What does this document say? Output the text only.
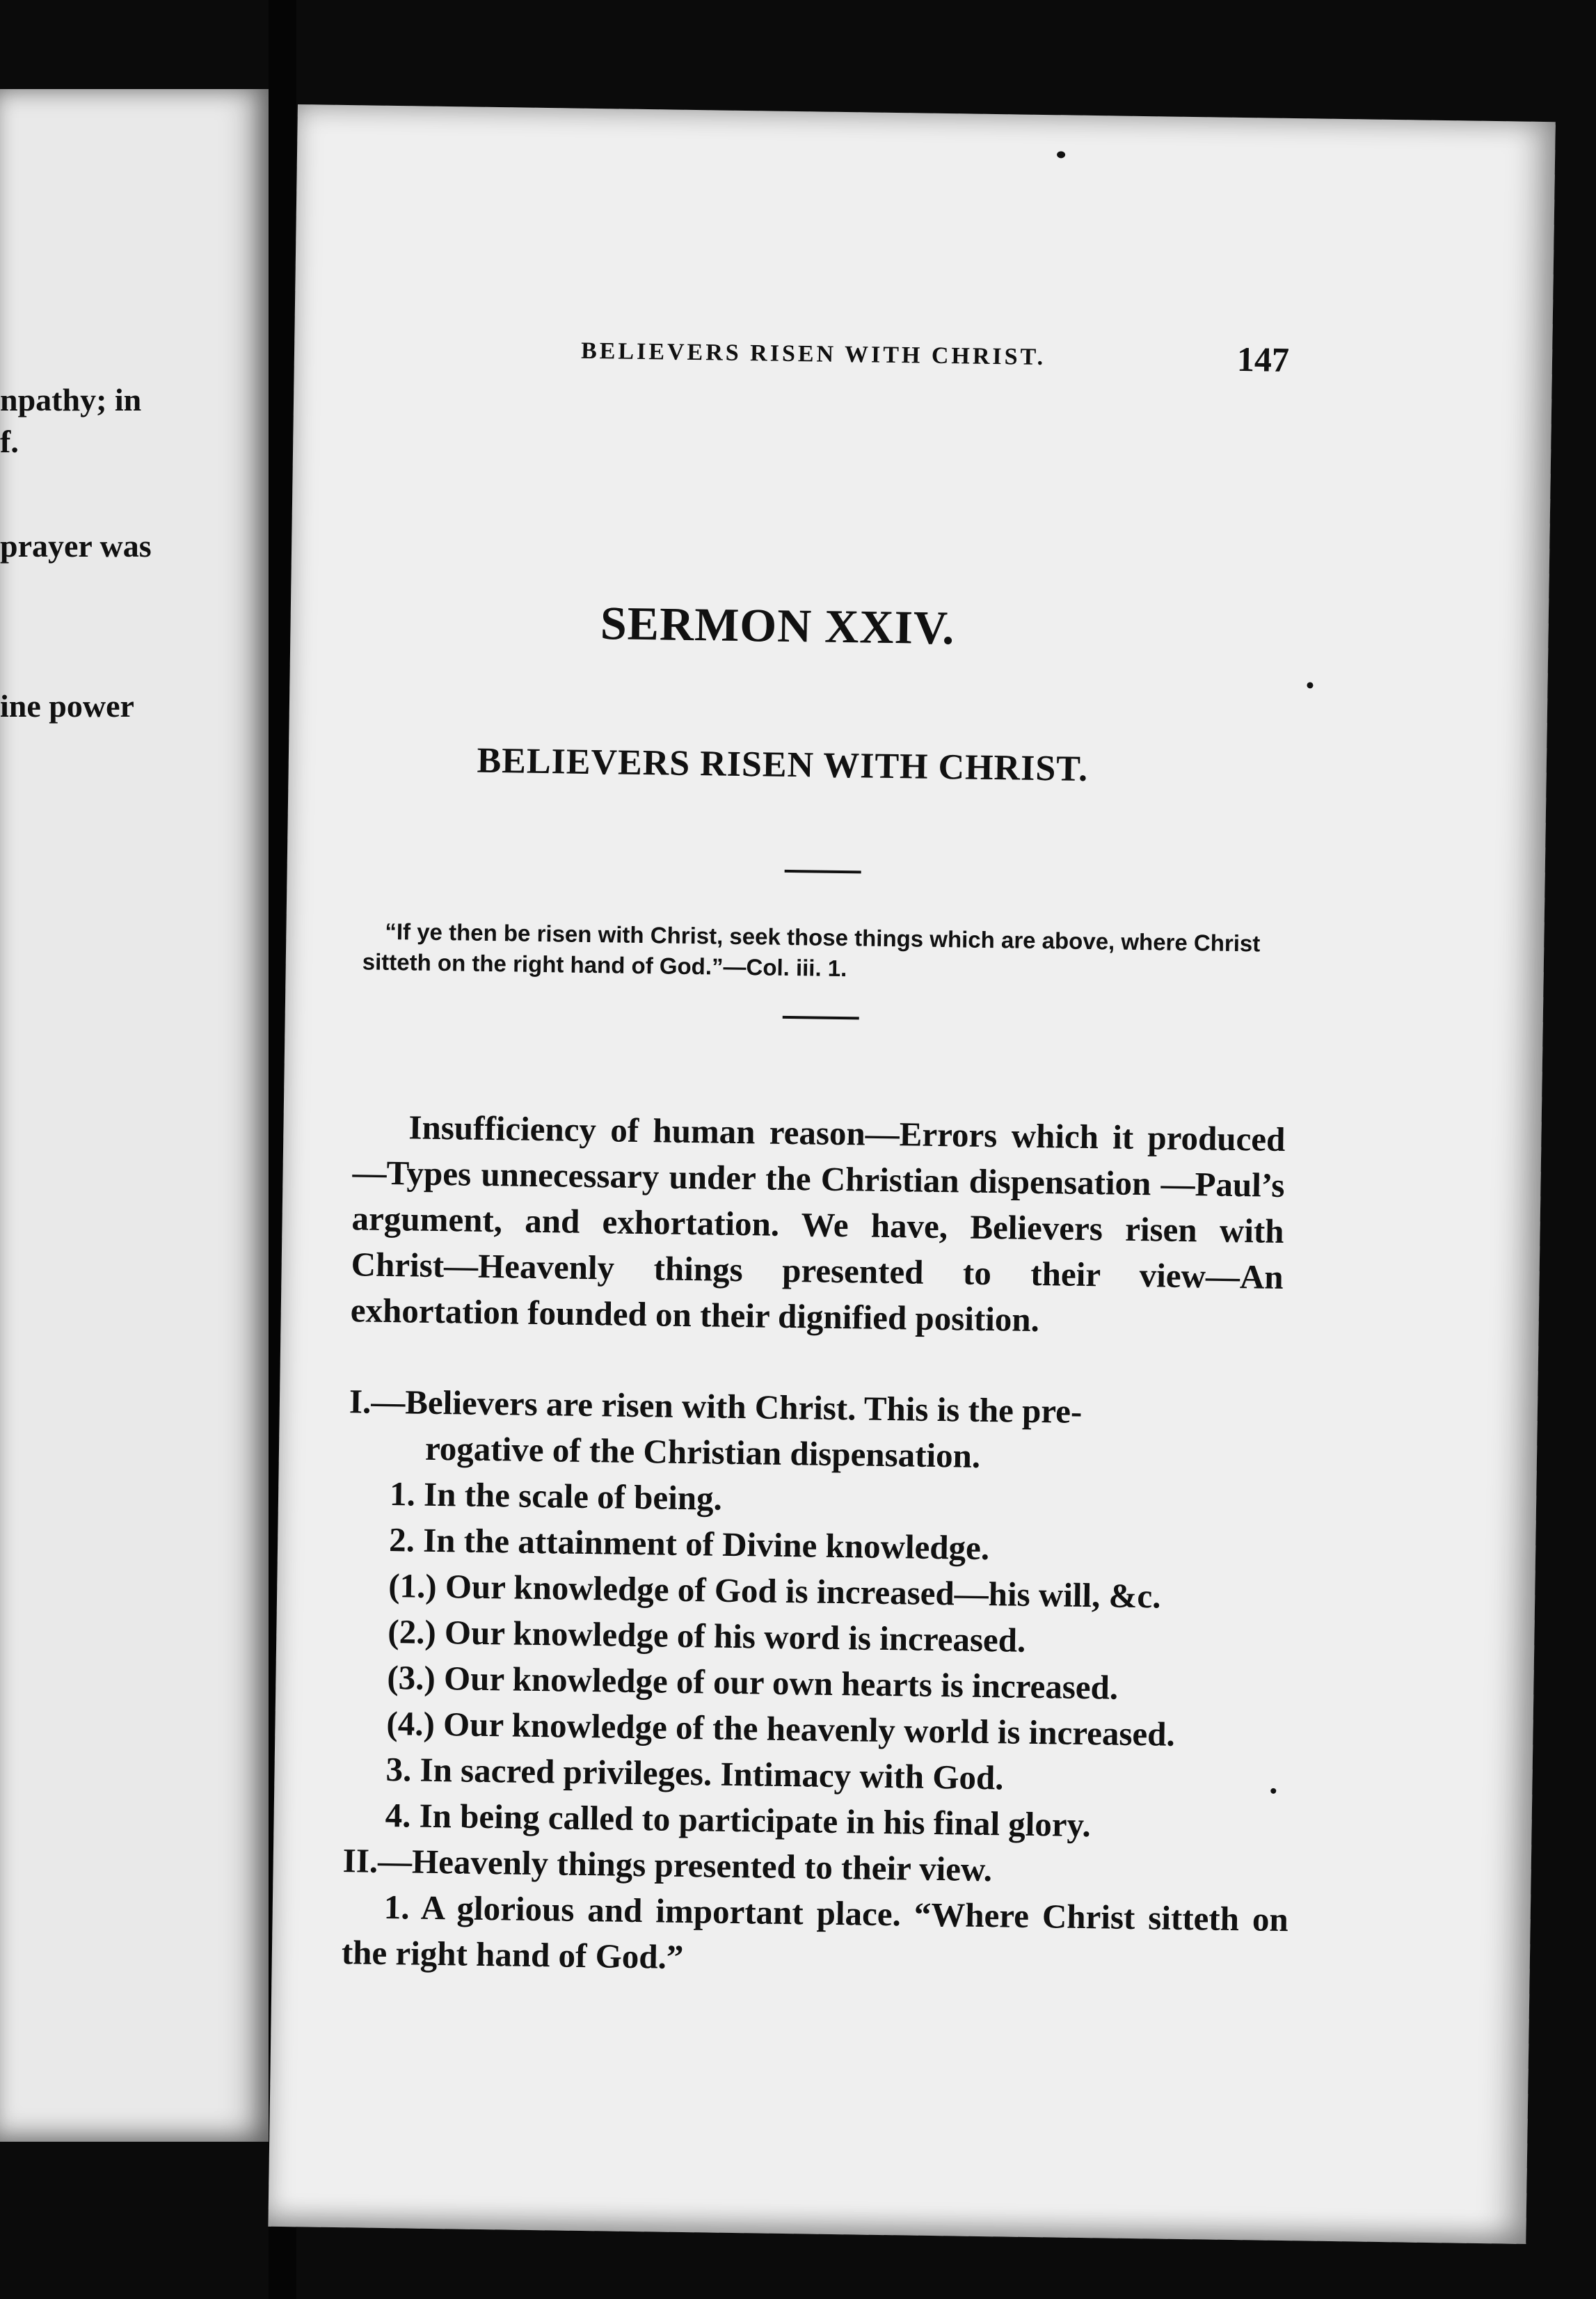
npathy; in
f.
prayer was
ine power
BELIEVERS RISEN WITH CHRIST.	147
SERMON XXIV.
BELIEVERS RISEN WITH CHRIST.
“If ye then be risen with Christ, seek those things which are above, where Christ sitteth on the right hand of God.”—Col. iii. 1.

Insufficiency of human reason—Errors which it produced—Types unnecessary under the Christian dispensation —Paul’s argument, and exhortation. We have, Believers risen with Christ—Heavenly things presented to their view—An exhortation founded on their dignified position.

I.—Believers are risen with Christ. This is the pre-
rogative of the Christian dispensation.
1. In the scale of being.
2. In the attainment of Divine knowledge.
(1.) Our knowledge of God is increased—his will, &c.
(2.) Our knowledge of his word is increased.
(3.) Our knowledge of our own hearts is increased.
(4.) Our knowledge of the heavenly world is increased.
3. In sacred privileges. Intimacy with God.
4. In being called to participate in his final glory.
II.—Heavenly things presented to their view.
1. A glorious and important place. “Where Christ sitteth on the right hand of God.”
